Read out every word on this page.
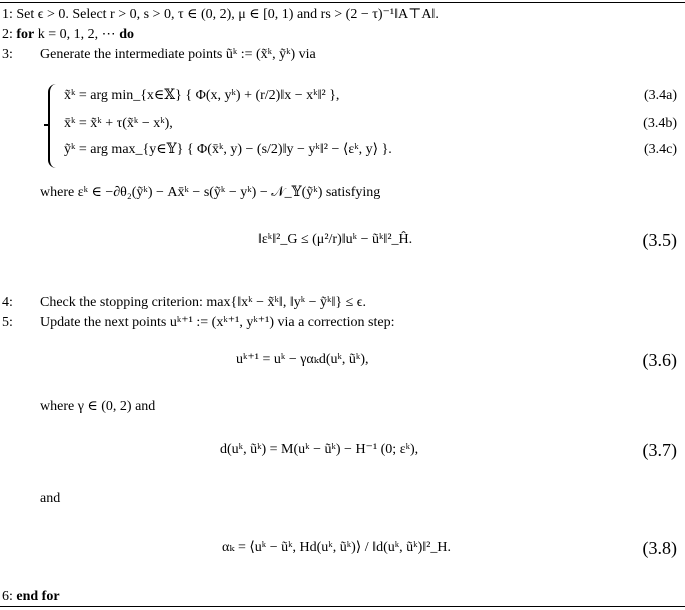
1: Set ϵ > 0. Select r > 0, s > 0, τ ∈ (0, 2), μ ∈ [0, 1) and rs > (2 − τ)⁻¹‖A⊤A‖.
2: for k = 0, 1, 2, ⋯ do
3: Generate the intermediate points ũᵏ := (x̃ᵏ, ỹᵏ) via
x̃ᵏ = arg min_{x∈𝕏} { Φ(x, yᵏ) + (r/2)‖x − xᵏ‖² },	(3.4a)
x̄ᵏ = x̃ᵏ + τ(x̃ᵏ − xᵏ),	(3.4b)
ỹᵏ = arg max_{y∈𝕐} { Φ(x̄ᵏ, y) − (s/2)‖y − yᵏ‖² − ⟨εᵏ, y⟩ }.	(3.4c)
where εᵏ ∈ −∂θ₂(ỹᵏ) − Ax̄ᵏ − s(ỹᵏ − yᵏ) − 𝒩_𝕐(ỹᵏ) satisfying
‖εᵏ‖²_G ≤ (μ²/r)‖uᵏ − ũᵏ‖²_Ĥ.	(3.5)
4: Check the stopping criterion: max{‖xᵏ − x̃ᵏ‖, ‖yᵏ − ỹᵏ‖} ≤ ϵ.
5: Update the next points uᵏ⁺¹ := (xᵏ⁺¹, yᵏ⁺¹) via a correction step:
uᵏ⁺¹ = uᵏ − γαₖd(uᵏ, ũᵏ),	(3.6)
where γ ∈ (0, 2) and
d(uᵏ, ũᵏ) = M(uᵏ − ũᵏ) − H⁻¹ (0; εᵏ),	(3.7)
and
αₖ = ⟨uᵏ − ũᵏ, Hd(uᵏ, ũᵏ)⟩ / ‖d(uᵏ, ũᵏ)‖²_H.	(3.8)
6: end for
